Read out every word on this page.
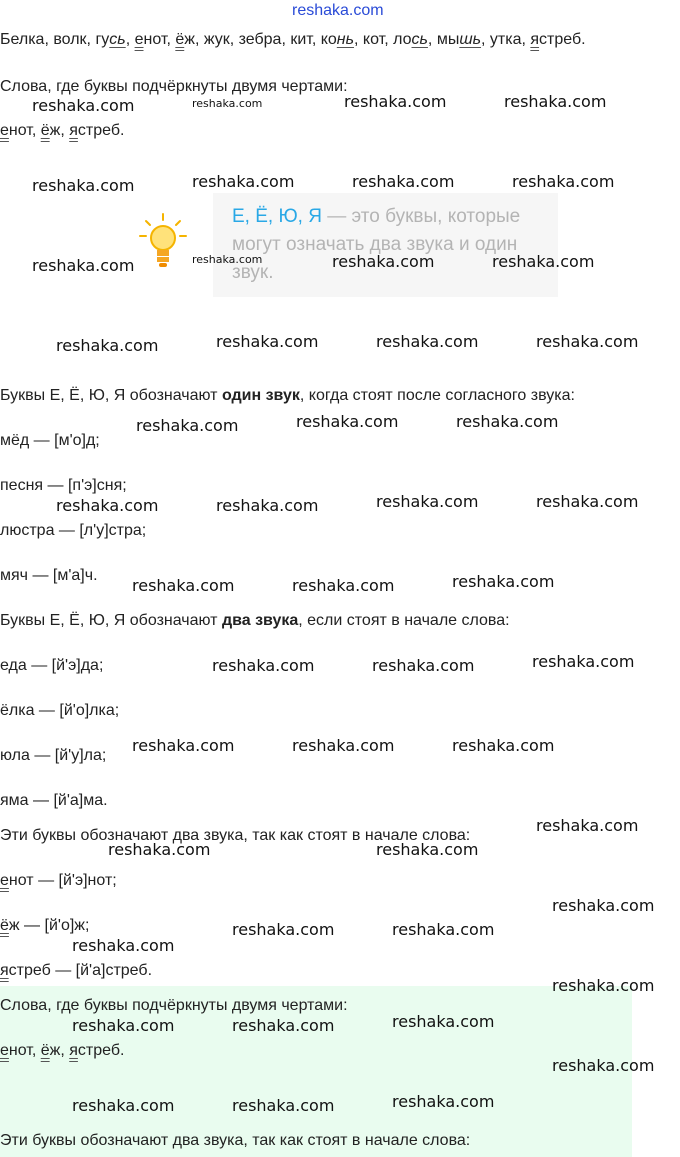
reshaka.com
Белка, волк, гусь, енот, ёж, жук, зебра, кит, конь, кот, лось, мышь, утка, ястреб.
Слова, где буквы подчёркнуты двумя чертами:
енот, ёж, ястреб.
Е, Ё, Ю, Я — это буквы, которые могут означать два звука и один звук.
Буквы Е, Ё, Ю, Я обозначают один звук, когда стоят после согласного звука:
мёд — [м'о]д;
песня — [п'э]сня;
люстра — [л'у]стра;
мяч — [м'а]ч.
Буквы Е, Ё, Ю, Я обозначают два звука, если стоят в начале слова:
еда — [й'э]да;
ёлка — [й'о]лка;
юла — [й'у]ла;
яма — [й'а]ма.
Эти буквы обозначают два звука, так как стоят в начале слова:
енот — [й'э]нот;
ёж — [й'о]ж;
ястреб — [й'а]стреб.
Слова, где буквы подчёркнуты двумя чертами:
енот, ёж, ястреб.
Эти буквы обозначают два звука, так как стоят в начале слова:
reshaka.com	reshaka.com	reshaka.com	reshaka.com
reshaka.com	reshaka.com	reshaka.com	reshaka.com
reshaka.com	reshaka.com	reshaka.com	reshaka.com
reshaka.com	reshaka.com	reshaka.com	reshaka.com
reshaka.com	reshaka.com	reshaka.com
reshaka.com	reshaka.com	reshaka.com	reshaka.com
reshaka.com	reshaka.com	reshaka.com
reshaka.com	reshaka.com	reshaka.com
reshaka.com	reshaka.com	reshaka.com
reshaka.com
reshaka.com	reshaka.com
reshaka.com
reshaka.com	reshaka.com
reshaka.com
reshaka.com
reshaka.com
reshaka.com	reshaka.com
reshaka.com
reshaka.com
reshaka.com	reshaka.com
